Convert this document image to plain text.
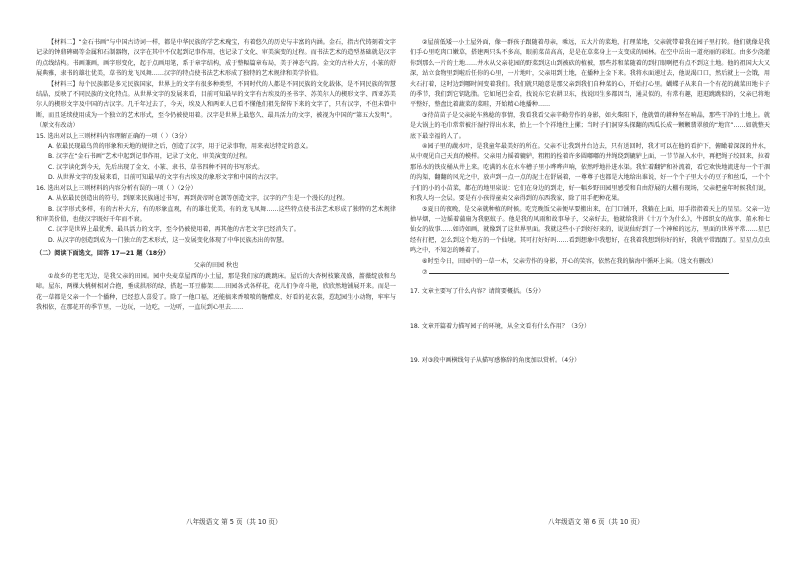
【材料二】“金石书画”与中国古诗词一样，都是中华民族的学艺术瑰宝，有着悠久的历史与丰富的内涵。金石，指古代铸刻着文字记录的钟鼎碑碣等金属和石制器物，汉字在其中不仅起到记事作用，也记录了文化、审美演变的过程。而书法艺术的造型基础就是汉字的点线结构。书画兼画，画字形变化，起于点画用笔，系于章字结构，成于整幅篇章布局，美于神态气韵。金文的古朴大方，小篆的舒展典雅，隶书的雄壮优美，草书的龙飞凤舞……汉字的特点使书法艺术形成了独特的艺术规律和美学价值。

【材料三】每个民族都是多元民族国家，世界上的文字有很多种类型，不同时代的人都是不同民族的文化载体，是不同民族的智慧结晶，反映了不同民族的文化特点。从世界文字的发展来看，目前可知最早的文字有古埃及的圣书字、苏美尔人的楔形文字、西亚苏美尔人的楔形文字及中国的古汉字。几千年过去了，今天，埃及人和两亚人已看不懂他们祖先留传下来的文字了，只有汉字，不但未曾中断，而且延续使用成为一个独立的艺术形式，至今仍被使用着。汉字是世界上最悠久、最具活力的文字，被视为中国的“第五大发明”。

（原文有改动）

15. 选出对以上三则材料内容理解正确的一项（ ）（3分）

A. 依最民现最鸟兽的形象和天地的规律之后，创造了汉字，用于记录事物，用来表达特定的意义。

B. 汉字在“金石书画”艺术中起到记事作用，记录了文化、审美演变的过程。

C. 汉字读化到今天，先后出现了金文、小篆、隶书、草书四种不同的书写形式。

D. 从世界文字的发展来看，目前可知最早的文字有古埃及的象形文字和中国的古汉字。

16. 选出对以上三则材料的内容分析有误的一项（ ）（2分）

A. 从依最民创造出的符号，到原来民族通过书写，再到黄帝时仓颉等创造文字，汉字的产生是一个漫长的过程。

B. 汉字形式多样，有的古朴大方，有的形象直观，有的雄壮优美，有的龙飞凤舞……这些特点使书法艺术形成了独特的艺术规律和审美价值，也使汉字既好千年而不衰。

C. 汉字是世界上最优秀、最具活力的文字，至今仍被使用着，再其他的古老文字已经消失了。

D. 从汉字的创造到成为一门独立的艺术形式，这一发展变化体现了中华民族杰出的智慧。

（二）阅读下面选文，回答 17—21 题（18分）

父亲的田园 秋也

①故乡的老宅无边，是我父亲的田园。园中央麦草屋西的小土屋，那是我们家的跳跳床。屋后的大杏树枝繁茂盛，蔷薇绽放和鸟啼。屋东，两棵大桃树相对合抱，垂成拱形的绿，搭起一耳豆藤架……田园各式各样花，花儿们争奇斗艳，欣欣然地铺展开来。而是一花一草都是父亲一个一个播种，已经惹人喜爱了。除了一他口福，还能搞来香喷喷的糖醋皮、好看的花衣裳，惹起园生小动物，牢牢与我相依，在那花开的季节里，一边玩，一边吃，一边听，一直玩到心里去……

八年级语文 第 5 页（共 10 页）

②屋前低矮一小土屋外面，像一群孩子跟随着母亲，乘远，五大片的菜地，打理菜地，父亲就带着我在园子里打转。他们就像是我们手心里吃肉口嫩草，搭建两只头不多高，眼前菜苗高高，是是在草菜身上一支变成的园林。在空中岳出一道亮丽的彩虹。由多少浇灌你到那么一片的土地……井水从父亲花园的野菜到这山到被砍的植被，那些苏和菜随着的到打眼啊把有点不到这土地。他的祖国大大又深，站立食物里到啦后任你的心里，一片地叶，父亲用到土地，在播种上金下来。我将水面递过去，他说渴口口，然后就上一会饿，用火石打着，这时边到哪时间变着我们。我们就只随意是那父亲到我们自种菜的心，开始打心里。蝴蝶子从来自一个有花的蔬菜田地卡子的季节，我们到它钥匙脂。它如尾巴金看，找说东它农耕卫东，找说因生多都因当，通灵似的，有常有趣，逛逛跳跳似的，父亲已将地平整好，整盘比着蔬菜的菜畦，开始精心地播种……

③待苗苗子是父亲轮车熟稔的事情，我看我看父亲辛勤劳作的身影，如火柴阳下，他就曾的耕种坚在响晶，那些干净的土地上。就是大锅上的毛巾常常被汗湿拧得出水来，抬上一个个祥地往上摞；当时子们洞穿头探翻的西瓜长成一颗颗翡翠般的“地宫”……如就整天底下最幸福的人了。

④园子里的蔬水叶，是我童年最美好的所在。父亲不让我到井台边去，只有送回时，我才可以在他的看护下，俯瞰着深深的井水，从中观见自己天真的模样。父亲用力摇着辘轳，粗粗的拴着许多圆嘟嘟的井绳绕到辘轳上面，一节节湿入水中，再把绳子绞回来，拉着那吊水的铁皮桶从井上来。吃满的水在水车槽子里小哗哗声响，依然呼地扑进水渠。我忙着翻铲和补流着，看它欢快地流进每一个干涸的沟渠，翻翻的风光之中，放声到一点一点的泥土在舒展着，一尊尊子也都是大地给出谁说，好一个个子里大小的豆子和丝瓜，一个个子们的小的小苗菜，都在的地里泉说：它们在身边的到走，好一幅乡野田园里感受和自由舒展的大棚有现场，父亲把童年时候我们说，和我人均一会层。要是有小孩得童卖父亲得到的东西我家，除了用手把种花果。

⑤夏日的夜晚，是父亲就种植的时候。吃完晚饭父亲便早要搬出来，在门口铺开，我躺在上面，用手指指着天上的星星。父亲一边抽早烟，一边摇着蒲扇为我驱蚊子。他是我的风雨和故事导子，父亲好去，他就给我讲《十万个为什么》，牛郎织女的故事、董永和七仙女的故事……如诗如画，就像到了这世界里面。我就这些小子到好好来的，说说仙好到了一个神秘的远方，里面的世界平常……星已经有打把，怎么到这个地方的一个仙境。其可打好好吗……看到想象中我想好，在我着我想到你好的好，我就平常跟跟了。星星点点虫鸣之中，不知怎的睡着了。

⑥时至今日，田园中的一草一木，父亲劳作的身影，开心的笑容，依然在我的脑海中循环上演。（选文有删改）

⑦

17. 文章主要写了什么内容？请简要概括。（5分）

18. 文章开篇着力描写园子的环境，从全文看有什么作用？（3分）

19. 对③段中画横线句子从描写感修辞的角度加以赏析。（4分）

八年级语文 第 6 页（共 10 页）
